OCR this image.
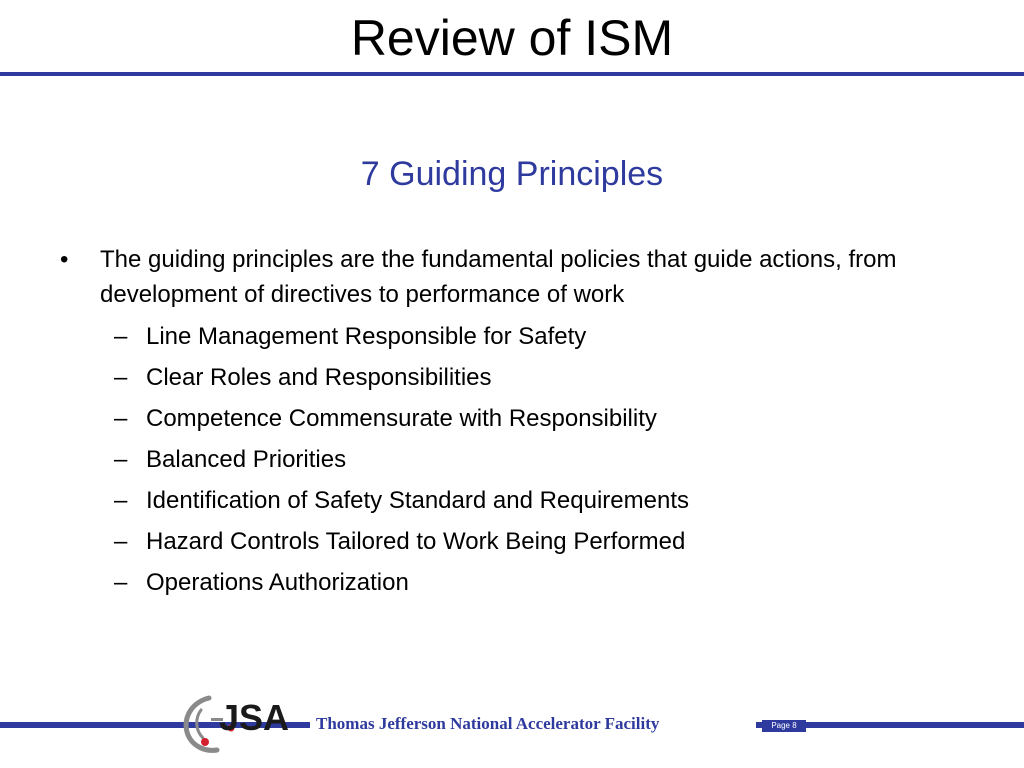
Review of ISM
7 Guiding Principles
• The guiding principles are the fundamental policies that guide actions, from development of directives to performance of work
– Line Management Responsible for Safety
– Clear Roles and Responsibilities
– Competence Commensurate with Responsibility
– Balanced Priorities
– Identification of Safety Standard and Requirements
– Hazard Controls Tailored to Work Being Performed
– Operations Authorization
JSA	Thomas Jefferson National Accelerator Facility	Page 8
